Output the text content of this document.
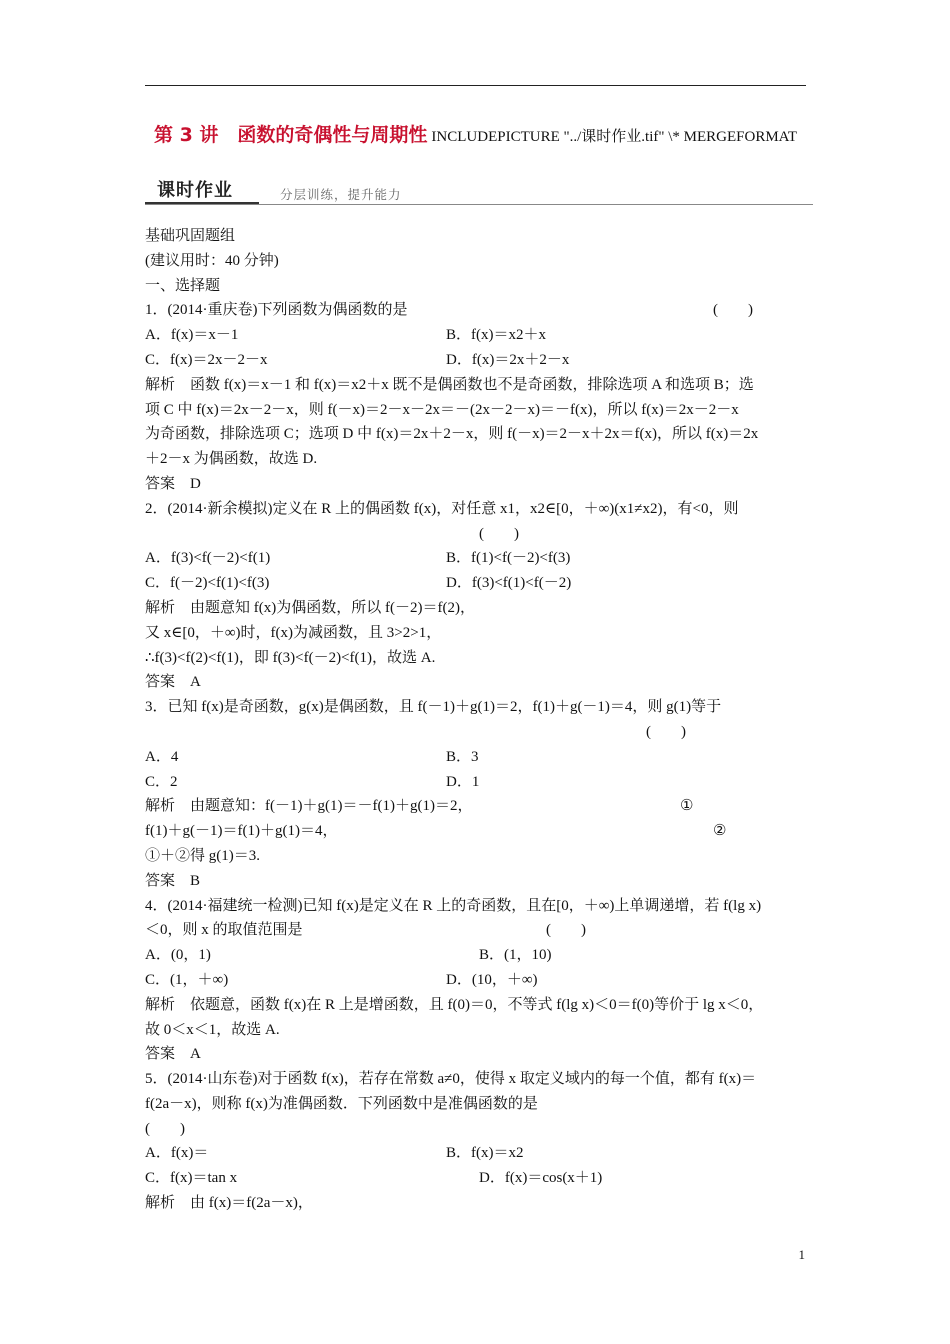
第 3 讲　函数的奇偶性与周期性 INCLUDEPICTURE "../课时作业.tif" \* MERGEFORMAT
课时作业	分层训练，提升能力
基础巩固题组
(建议用时：40 分钟)
一、选择题
1．(2014·重庆卷)下列函数为偶函数的是	(　　)
A．f(x)＝x－1	B．f(x)＝x2＋x
C．f(x)＝2x－2－x	D．f(x)＝2x＋2－x
解析　函数 f(x)＝x－1 和 f(x)＝x2＋x 既不是偶函数也不是奇函数，排除选项 A 和选项 B；选
项 C 中 f(x)＝2x－2－x，则 f(－x)＝2－x－2x＝－(2x－2－x)＝－f(x)，所以 f(x)＝2x－2－x
为奇函数，排除选项 C；选项 D 中 f(x)＝2x＋2－x，则 f(－x)＝2－x＋2x＝f(x)，所以 f(x)＝2x
＋2－x 为偶函数，故选 D.
答案　D
2．(2014·新余模拟)定义在 R 上的偶函数 f(x)，对任意 x1，x2∈[0，＋∞)(x1≠x2)，有<0，则
(　　)
A．f(3)<f(－2)<f(1)	B．f(1)<f(－2)<f(3)
C．f(－2)<f(1)<f(3)	D．f(3)<f(1)<f(－2)
解析　由题意知 f(x)为偶函数，所以 f(－2)＝f(2)，
又 x∈[0，＋∞)时，f(x)为减函数，且 3>2>1，
∴f(3)<f(2)<f(1)，即 f(3)<f(－2)<f(1)，故选 A.
答案　A
3．已知 f(x)是奇函数，g(x)是偶函数，且 f(－1)＋g(1)＝2，f(1)＋g(－1)＝4，则 g(1)等于
(　　)
A．4	B．3
C．2	D．1
解析　由题意知：f(－1)＋g(1)＝－f(1)＋g(1)＝2，	①
f(1)＋g(－1)＝f(1)＋g(1)＝4，	②
①＋②得 g(1)＝3.
答案　B
4．(2014·福建统一检测)已知 f(x)是定义在 R 上的奇函数，且在[0，＋∞)上单调递增，若 f(lg x)
＜0，则 x 的取值范围是	(　　)
A．(0，1)	B．(1，10)
C．(1，＋∞)	D．(10，＋∞)
解析　依题意，函数 f(x)在 R 上是增函数，且 f(0)＝0，不等式 f(lg x)＜0＝f(0)等价于 lg x＜0，
故 0＜x＜1，故选 A.
答案　A
5．(2014·山东卷)对于函数 f(x)，若存在常数 a≠0，使得 x 取定义域内的每一个值，都有 f(x)＝
f(2a－x)，则称 f(x)为准偶函数．下列函数中是准偶函数的是
(　　)
A．f(x)＝	B．f(x)＝x2
C．f(x)＝tan x	D．f(x)＝cos(x＋1)
解析　由 f(x)＝f(2a－x)，
1
